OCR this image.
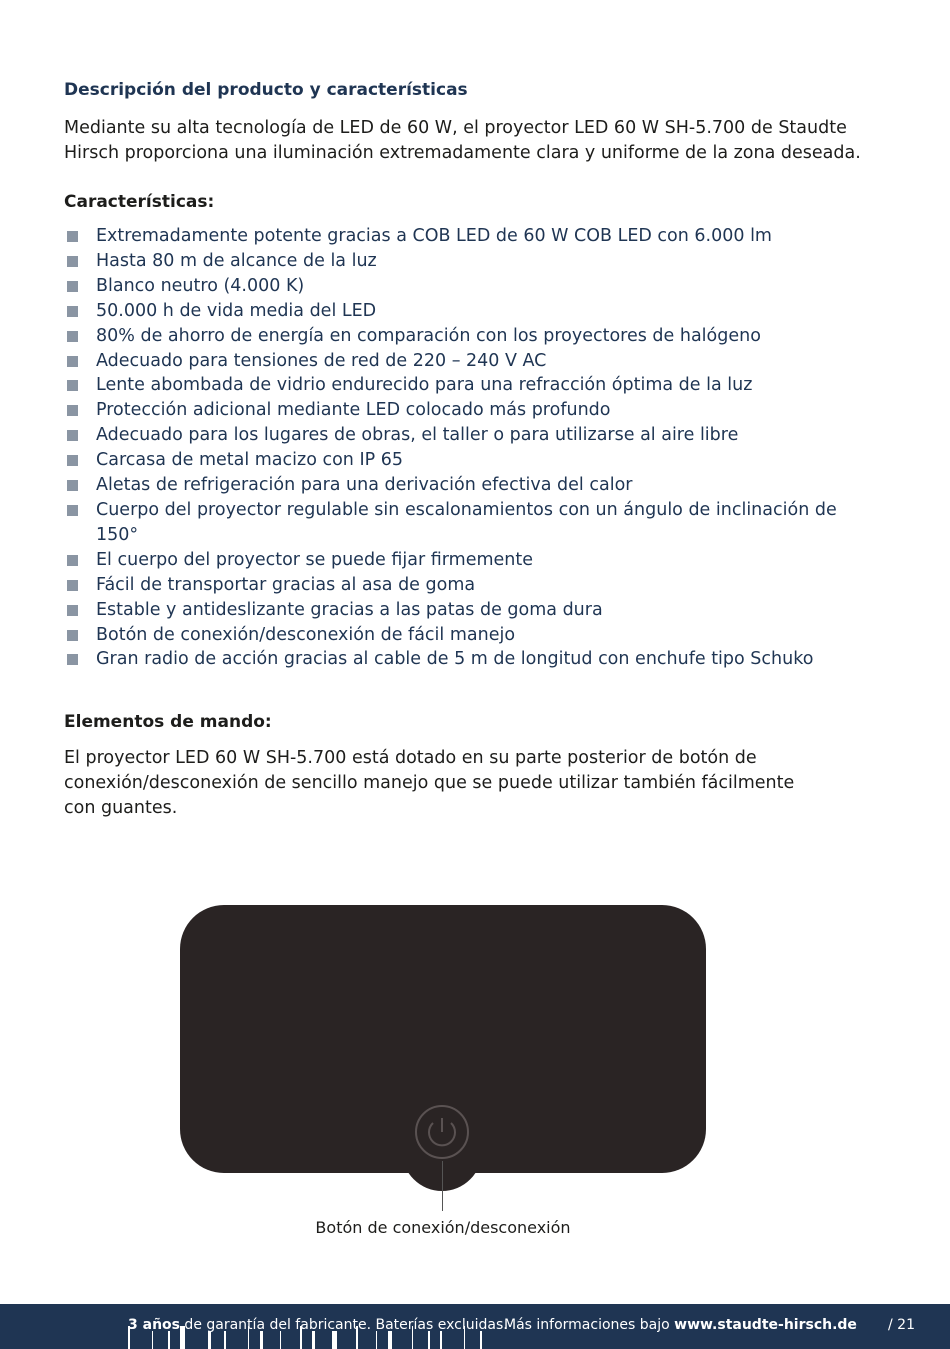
Descripción del producto y características

Mediante su alta tecnología de LED de 60 W, el proyector LED 60 W SH-5.700 de Staudte Hirsch proporciona una iluminación extremadamente clara y uniforme de la zona deseada.

Características:

Extremadamente potente gracias a COB LED de 60 W COB LED con 6.000 lm
Hasta 80 m de alcance de la luz
Blanco neutro (4.000 K)
50.000 h de vida media del LED
80% de ahorro de energía en comparación con los proyectores de halógeno
Adecuado para tensiones de red de 220 – 240 V AC
Lente abombada de vidrio endurecido para una refracción óptima de la luz
Protección adicional mediante LED colocado más profundo
Adecuado para los lugares de obras, el taller o para utilizarse al aire libre
Carcasa de metal macizo con IP 65
Aletas de refrigeración para una derivación efectiva del calor
Cuerpo del proyector regulable sin escalonamientos con un ángulo de inclinación de 150°
El cuerpo del proyector se puede fijar firmemente
Fácil de transportar gracias al asa de goma
Estable y antideslizante gracias a las patas de goma dura
Botón de conexión/desconexión de fácil manejo
Gran radio de acción gracias al cable de 5 m de longitud con enchufe tipo Schuko

Elementos de mando:

El proyector LED 60 W SH-5.700 está dotado en su parte posterior de botón de conexión/desconexión de sencillo manejo que se puede utilizar también fácilmente con guantes.

Botón de conexión/desconexión
3 años de garantía del fabricante. Baterías excluidas.
Más informaciones bajo www.staudte-hirsch.de / 21
